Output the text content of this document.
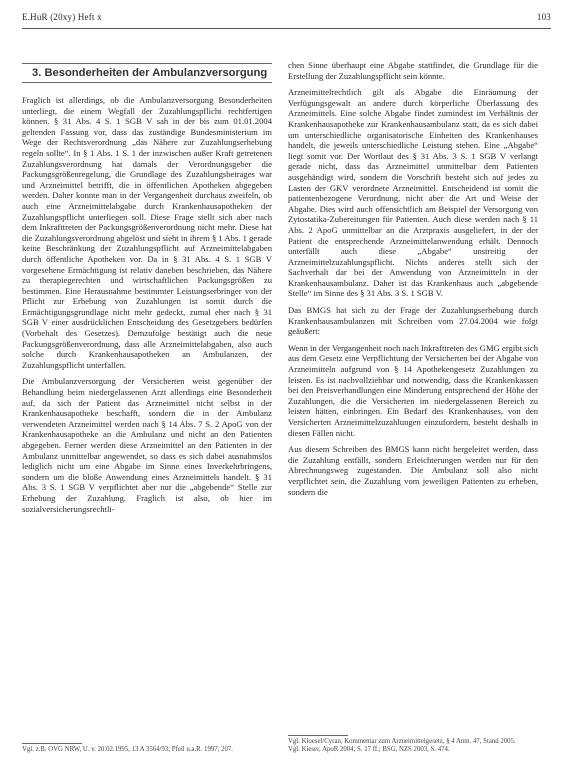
E.HuR (20xy) Heft x	103
3. Besonderheiten der Ambulanzversorgung

Fraglich ist allerdings, ob die Ambulanzversorgung Besonderheiten unterliegt, die einem Wegfall der Zuzahlungspflicht rechtfertigen können. § 31 Abs. 4 S. 1 SGB V sah in der bis zum 01.01.2004 geltenden Fassung vor, dass das zuständige Bundesministerium im Wege der Rechtsverordnung „das Nähere zur Zuzahlungserhebung regeln sollte“. In § 1 Abs. 1 S. 1 der inzwischen außer Kraft getretenen Zuzahlungsverordnung hat damals der Verordnungsgeber die Packungsgrößenregelung, die Grundlage des Zuzahlungsbetrages war und Arzneimittel betrifft, die in öffentlichen Apotheken abgegeben werden. Daher konnte man in der Vergangenheit durchaus zweifeln, ob auch eine Arzneimittelabgabe durch Krankenhausapotheken der Zuzahlungspflicht unterliegen soll. Diese Frage stellt sich aber nach dem Inkrafttreten der Packungsgrößenverordnung nicht mehr. Diese hat die Zuzahlungsverordnung abgelöst und sieht in ihrem § 1 Abs. 1 gerade keine Beschränkung der Zuzahlungspflicht auf Arzneimittelabgaben durch öffentliche Apotheken vor. Da in § 31 Abs. 4 S. 1 SGB V vorgesehene Ermächtigung ist relativ daneben beschrieben, das Nähere zu therapiegerechten und wirtschaftlichen Packungsgrößen zu bestimmen. Eine Herausnahme bestimmter Leistungserbringer von der Pflicht zur Erhebung von Zuzahlungen ist somit durch die Ermächtigungsgrundlage nicht mehr gedeckt, zumal eher nach § 31 SGB V einer ausdrücklichen Entscheidung des Gesetzgebers bedürfen (Vorbehalt des Gesetzes). Demzufolge bestätigt auch die neue Packungsgrößenverordnung, dass alle Arzneimittelabgaben, also auch solche durch Krankenhausapotheken an Ambulanzen, der Zuzahlungspflicht unterfallen.

Die Ambulanzversorgung der Versicherten weist gegenüber der Behandlung beim niedergelassenen Arzt allerdings eine Besonderheit auf, da sich der Patient das Arzneimittel nicht selbst in der Krankenhausapotheke beschafft, sondern die in der Ambulanz verwendeten Arzneimittel werden nach § 14 Abs. 7 S. 2 ApoG von der Krankenhausapotheke an die Ambulanz und nicht an den Patienten abgegeben. Ferner werden diese Arzneimittel an den Patienten in der Ambulanz unmittelbar angewendet, so dass es sich dabei ausnahmslos lediglich nicht um eine Abgabe im Sinne eines Inverkehrbringens, sondern um die bloße Anwendung eines Arzneimittels handelt. § 31 Abs. 3 S. 1 SGB V verpflichtet aber nur die „abgebende“ Stelle zur Erhebung der Zuzahlung. Fraglich ist also, ob hier im sozialversicherungsrechtli-

chen Sinne überhaupt eine Abgabe stattfindet, die Grundlage für die Erstellung der Zuzahlungspflicht sein könnte.

Arzneimittelrechtlich gilt als Abgabe die Einräumung der Verfügungsgewalt an andere durch körperliche Überlassung des Arzneimittels. Eine solche Abgabe findet zumindest im Verhältnis der Krankenhausapotheke zur Krankenhausambulanz statt, da es sich dabei um unterschiedliche organisatorische Einheiten des Krankenhauses handelt, die jeweils unterschiedliche Leistung stehen. Eine „Abgabe“ liegt somit vor. Der Wortlaut des § 31 Abs. 3 S. 1 SGB V verlangt gerade nicht, dass das Arzneimittel unmittelbar dem Patienten ausgehändigt wird, sondern die Vorschrift besteht sich auf jedes zu Lasten der GKV verordnete Arzneimittel. Entscheidend ist somit die patientenbezogene Verordnung, nicht aber die Art und Weise der Abgabe. Dies wird auch offensichtlich am Beispiel der Versorgung von Zytostatika-Zubereitungen für Patienten. Auch diese werden nach § 11 Abs. 2 ApoG unmittelbar an die Arztpraxis ausgeliefert, in der der Patient die entsprechende Arzneimittelanwendung erhält. Dennoch unterfällt auch diese „Abgabe“ unstreitig der Arzneimittelzuzahlungspflicht. Nichts anderes stellt sich der Sachverhalt dar bei der Anwendung von Arzneimitteln in der Krankenhausambulanz. Daher ist das Krankenhaus auch „abgebende Stelle“ im Sinne des § 31 Abs. 3 S. 1 SGB V.

Das BMGS hat sich zu der Frage der Zuzahlungserhebung durch Krankenhausambulanzen mit Schreiben vom 27.04.2004 wie folgt geäußert:

Wenn in der Vergangenheit noch nach Inkrafttreten des GMG ergibt sich aus dem Gesetz eine Verpflichtung der Versicherten bei der Abgabe von Arzneimitteln aufgrund von § 14 Apothekengesetz Zuzahlungen zu leisten. Es ist nachvollziehbar und notwendig, dass die Krankenkassen bei den Preisverhandlungen eine Minderung entsprechend der Höhe der Zuzahlungen, die die Versicherten im niedergelassenen Bereich zu leisten hätten, einbringen. Ein Bedarf des Krankenhauses, von den Versicherten Arzneimittelzuzahlungen einzufordern, besteht deshalb in diesen Fällen nicht.

Aus diesem Schreiben des BMGS kann nicht hergeleitet werden, dass die Zuzahlung entfällt, sondern Erleichterungen werden nur für den Abrechnungsweg zugestanden. Die Ambulanz soll also nicht verpflichtet sein, die Zuzahlung vom jeweiligen Patienten zu erheben, sondern die

Vgl. z.B. OVG NRW, U. v. 20.02.1995, 13 A 3564/93; Pfeil u.a.R. 1997, 207.
Vgl. Kloesel/Cyran, Kommentar zum Arzneimittelgesetz, § 4 Anm. 47, Stand 2005.
Vgl. Kieser, ApoR 2004, S. 17 ff.; BSG, NZS 2003, S. 474.
